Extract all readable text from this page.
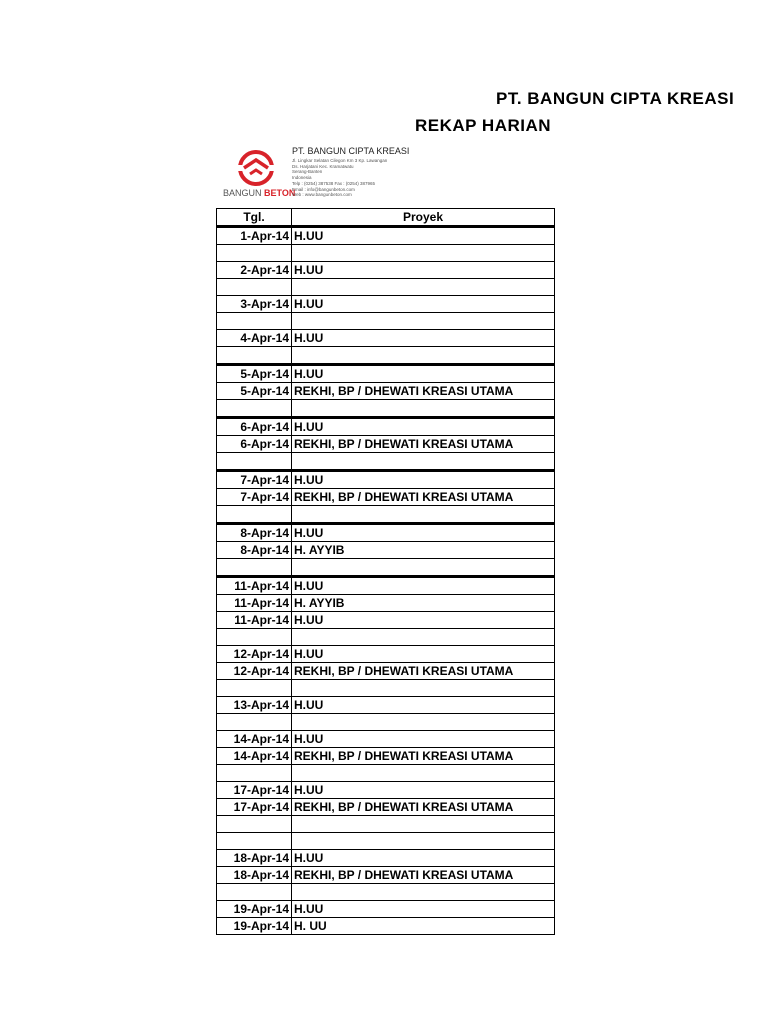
PT. BANGUN CIPTA KREASI
REKAP HARIAN
BANGUN BETON
PT. BANGUN CIPTA KREASI
Jl. Lingkar Selatan Cilegon Km 3 Kp. Lawangan
Ds. Harjatani Kec. Kramatwatu
Serang-Banten
Indonesia
Telp : (0254) 387538 Fax : (0254) 387965
Email : info@bangunbeton.com
Web : www.bangunbeton.com
Tgl.	Proyek
1-Apr-14	H.UU

2-Apr-14	H.UU

3-Apr-14	H.UU

4-Apr-14	H.UU

5-Apr-14	H.UU
5-Apr-14	REKHI, BP / DHEWATI KREASI UTAMA

6-Apr-14	H.UU
6-Apr-14	REKHI, BP / DHEWATI KREASI UTAMA

7-Apr-14	H.UU
7-Apr-14	REKHI, BP / DHEWATI KREASI UTAMA

8-Apr-14	H.UU
8-Apr-14	H. AYYIB

11-Apr-14	H.UU
11-Apr-14	H. AYYIB
11-Apr-14	H.UU

12-Apr-14	H.UU
12-Apr-14	REKHI, BP / DHEWATI KREASI UTAMA

13-Apr-14	H.UU

14-Apr-14	H.UU
14-Apr-14	REKHI, BP / DHEWATI KREASI UTAMA

17-Apr-14	H.UU
17-Apr-14	REKHI, BP / DHEWATI KREASI UTAMA

18-Apr-14	H.UU
18-Apr-14	REKHI, BP / DHEWATI KREASI UTAMA

19-Apr-14	H.UU
19-Apr-14	H. UU
